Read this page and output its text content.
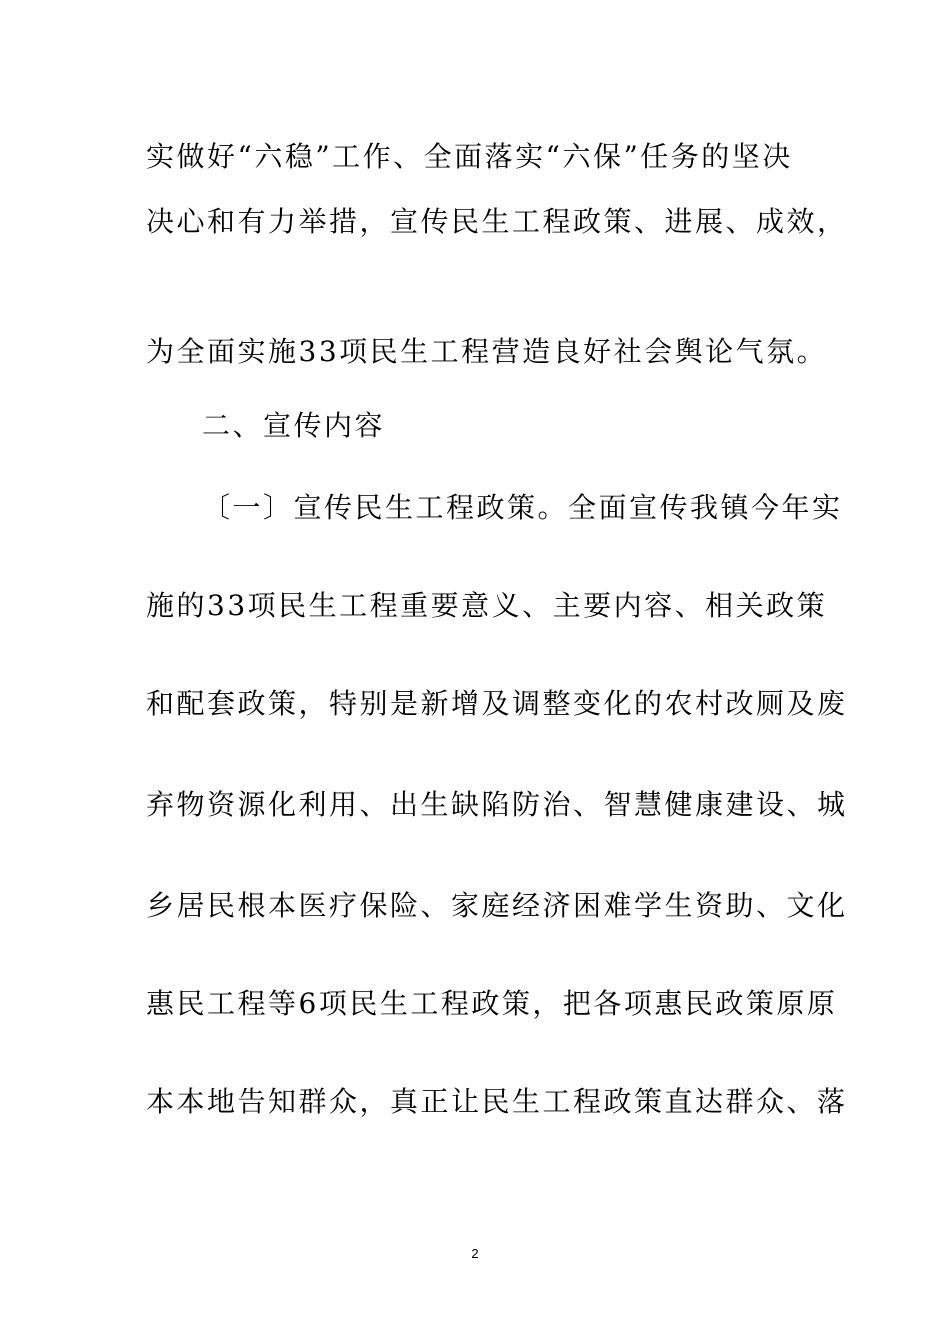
实做好“六稳”工作、全面落实“六保”任务的坚决
决心和有力举措，宣传民生工程政策、进展、成效，
为全面实施33项民生工程营造良好社会舆论气氛。
二、宣传内容
〔一〕宣传民生工程政策。全面宣传我镇今年实
施的33项民生工程重要意义、主要内容、相关政策
和配套政策，特别是新增及调整变化的农村改厕及废
弃物资源化利用、出生缺陷防治、智慧健康建设、城
乡居民根本医疗保险、家庭经济困难学生资助、文化
惠民工程等6项民生工程政策，把各项惠民政策原原
本本地告知群众，真正让民生工程政策直达群众、落
2
